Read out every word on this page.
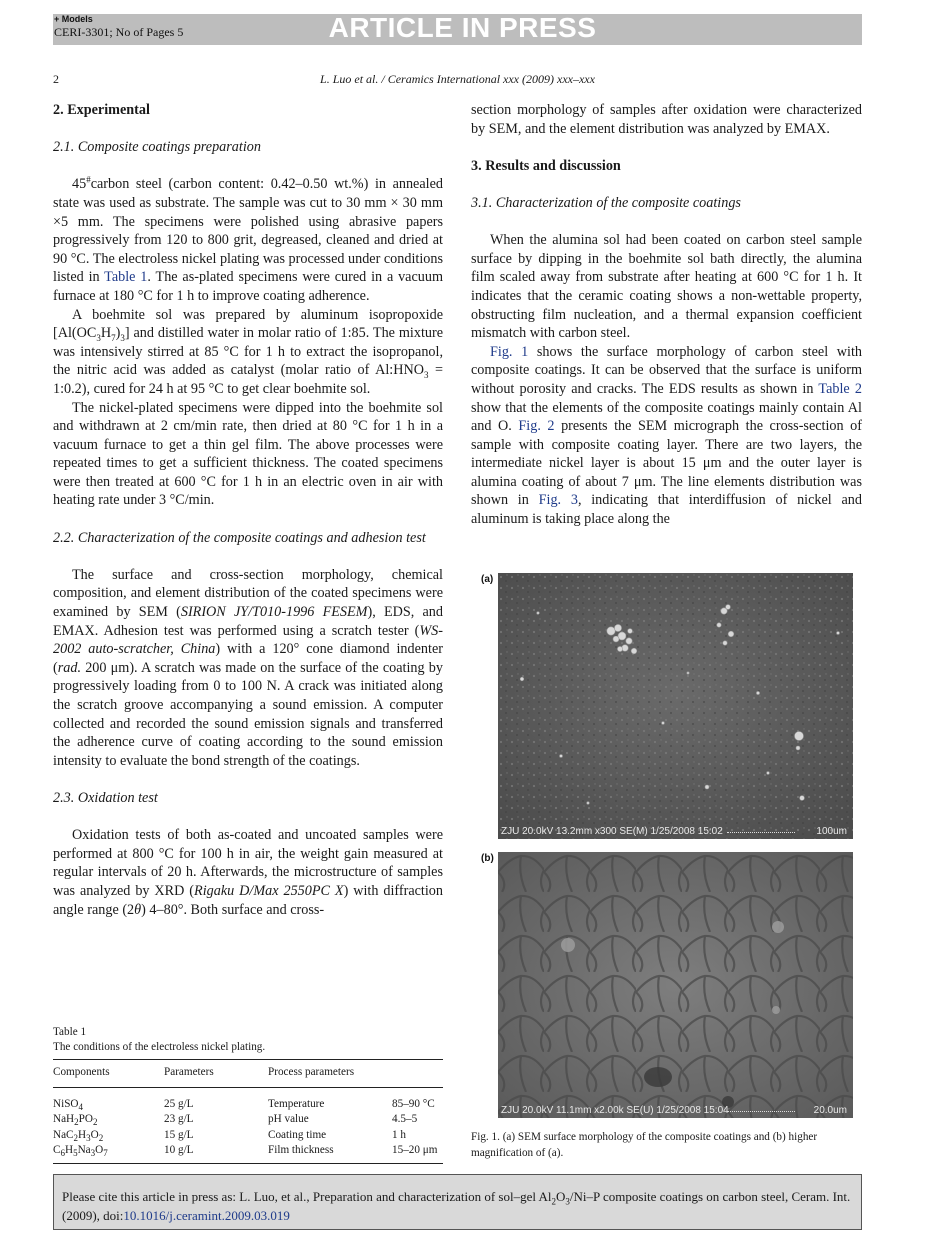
+ Models
CERI-3301; No of Pages 5	ARTICLE IN PRESS
2	L. Luo et al. / Ceramics International xxx (2009) xxx–xxx
2. Experimental
2.1. Composite coatings preparation

45#carbon steel (carbon content: 0.42–0.50 wt.%) in annealed state was used as substrate. The sample was cut to 30 mm × 30 mm ×5 mm. The specimens were polished using abrasive papers progressively from 120 to 800 grit, degreased, cleaned and dried at 90 °C. The electroless nickel plating was processed under conditions listed in Table 1. The as-plated specimens were cured in a vacuum furnace at 180 °C for 1 h to improve coating adherence.

A boehmite sol was prepared by aluminum isopropoxide $[Al(OC_3H_7)_3]$ and distilled water in molar ratio of 1:85. The mixture was intensively stirred at 85 °C for 1 h to extract the isopropanol, the nitric acid was added as catalyst (molar ratio of $Al:HNO_3$ = 1:0.2), cured for 24 h at 95 °C to get clear boehmite sol.

The nickel-plated specimens were dipped into the boehmite sol and withdrawn at 2 cm/min rate, then dried at 80 °C for 1 h in a vacuum furnace to get a thin gel film. The above processes were repeated times to get a sufficient thickness. The coated specimens were then treated at 600 °C for 1 h in an electric oven in air with heating rate under 3 °C/min.

2.2. Characterization of the composite coatings and adhesion test

The surface and cross-section morphology, chemical composition, and element distribution of the coated specimens were examined by SEM (SIRION JY/T010-1996 FESEM), EDS, and EMAX. Adhesion test was performed using a scratch tester (WS-2002 auto-scratcher, China) with a 120° cone diamond indenter (rad. 200 μm). A scratch was made on the surface of the coating by progressively loading from 0 to 100 N. A crack was initiated along the scratch groove accompanying a sound emission. A computer collected and recorded the sound emission signals and transferred the adherence curve of coating according to the sound emission intensity to evaluate the bond strength of the coatings.

2.3. Oxidation test

Oxidation tests of both as-coated and uncoated samples were performed at 800 °C for 100 h in air, the weight gain measured at regular intervals of 20 h. Afterwards, the microstructure of samples was analyzed by XRD (Rigaku D/Max 2550PC X) with diffraction angle range (2θ) 4–80°. Both surface and cross-

Table 1
The conditions of the electroless nickel plating.
Components	Parameters	Process parameters	
NiSO$_4$	25 g/L	Temperature	85–90 °C
$NaH_2PO_2$	23 g/L	pH value	4.5–5
$NaC_2H_3O_2$	15 g/L	Coating time	1 h
$C_6H_5Na_3O_7$	10 g/L	Film thickness	15–20 μm

section morphology of samples after oxidation were characterized by SEM, and the element distribution was analyzed by EMAX.

3. Results and discussion
3.1. Characterization of the composite coatings

When the alumina sol had been coated on carbon steel sample surface by dipping in the boehmite sol bath directly, the alumina film scaled away from substrate after heating at 600 °C for 1 h. It indicates that the ceramic coating shows a non-wettable property, obstructing film nucleation, and a thermal expansion coefficient mismatch with carbon steel.

Fig. 1 shows the surface morphology of carbon steel with composite coatings. It can be observed that the surface is uniform without porosity and cracks. The EDS results as shown in Table 2 show that the elements of the composite coatings mainly contain Al and O. Fig. 2 presents the SEM micrograph the cross-section of sample with composite coating layer. There are two layers, the intermediate nickel layer is about 15 μm and the outer layer is alumina coating of about 7 μm. The line elements distribution was shown in Fig. 3, indicating that interdiffusion of nickel and aluminum is taking place along the

(a)
ZJU 20.0kV 13.2mm x300 SE(M) 1/25/2008 15:02	100um
(b)
ZJU 20.0kV 11.1mm x2.00k SE(U) 1/25/2008 15:04	20.0um
Fig. 1. (a) SEM surface morphology of the composite coatings and (b) higher magnification of (a).
Please cite this article in press as: L. Luo, et al., Preparation and characterization of sol–gel $Al_2O_3/Ni-P$ composite coatings on carbon steel, Ceram. Int. (2009), doi:10.1016/j.ceramint.2009.03.019
